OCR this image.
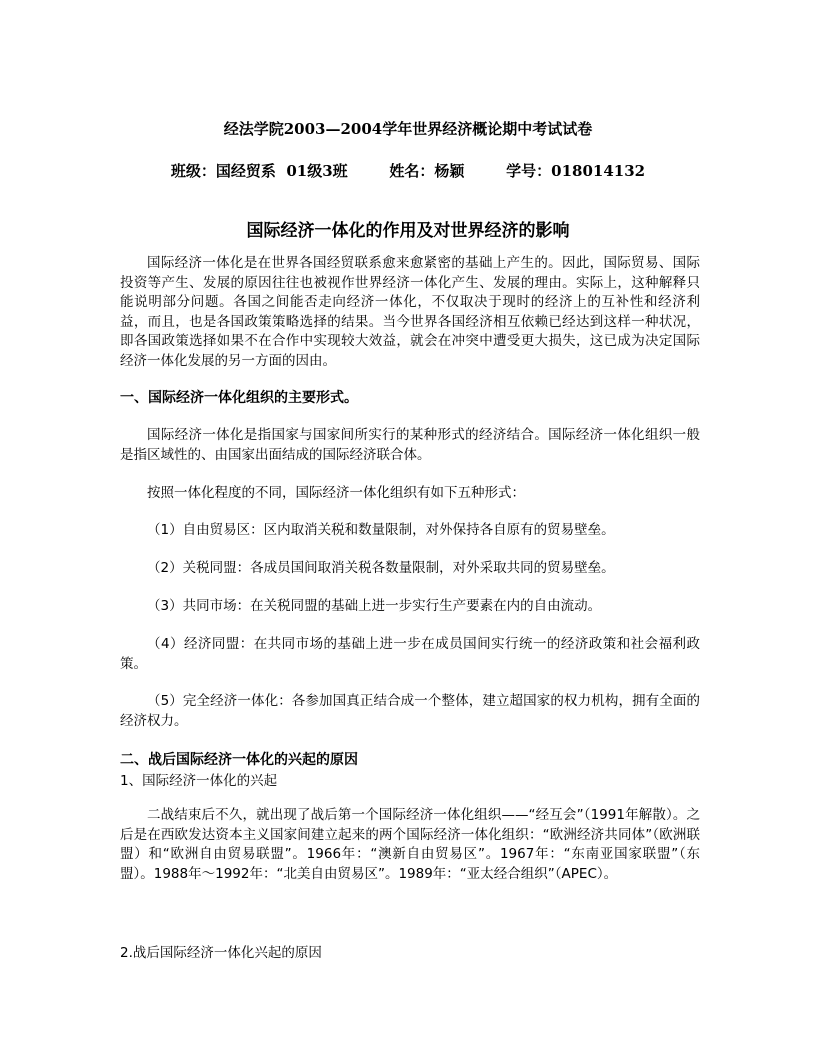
经法学院2003—2004学年世界经济概论期中考试试卷

班级：国经贸系  01级3班        姓名：杨颖        学号：018014132

国际经济一体化的作用及对世界经济的影响

国际经济一体化是在世界各国经贸联系愈来愈紧密的基础上产生的。因此，国际贸易、国际投资等产生、发展的原因往往也被视作世界经济一体化产生、发展的理由。实际上，这种解释只能说明部分问题。各国之间能否走向经济一体化，不仅取决于现时的经济上的互补性和经济利益，而且，也是各国政策策略选择的结果。当今世界各国经济相互依赖已经达到这样一种状况，即各国政策选择如果不在合作中实现较大效益，就会在冲突中遭受更大损失，这已成为决定国际经济一体化发展的另一方面的因由。

一、国际经济一体化组织的主要形式。

国际经济一体化是指国家与国家间所实行的某种形式的经济结合。国际经济一体化组织一般是指区域性的、由国家出面结成的国际经济联合体。

按照一体化程度的不同，国际经济一体化组织有如下五种形式：

（1）自由贸易区：区内取消关税和数量限制，对外保持各自原有的贸易壁垒。

（2）关税同盟：各成员国间取消关税各数量限制，对外采取共同的贸易壁垒。

（3）共同市场：在关税同盟的基础上进一步实行生产要素在内的自由流动。

（4）经济同盟：在共同市场的基础上进一步在成员国间实行统一的经济政策和社会福利政策。

（5）完全经济一体化：各参加国真正结合成一个整体，建立超国家的权力机构，拥有全面的经济权力。

二、战后国际经济一体化的兴起的原因

1、国际经济一体化的兴起

二战结束后不久，就出现了战后第一个国际经济一体化组织——“经互会”（1991年解散）。之后是在西欧发达资本主义国家间建立起来的两个国际经济一体化组织：“欧洲经济共同体”（欧洲联盟）和“欧洲自由贸易联盟”。1966年：“澳新自由贸易区”。1967年：“东南亚国家联盟”（东盟）。1988年～1992年：“北美自由贸易区”。1989年：“亚太经合组织”（APEC）。

2.战后国际经济一体化兴起的原因
